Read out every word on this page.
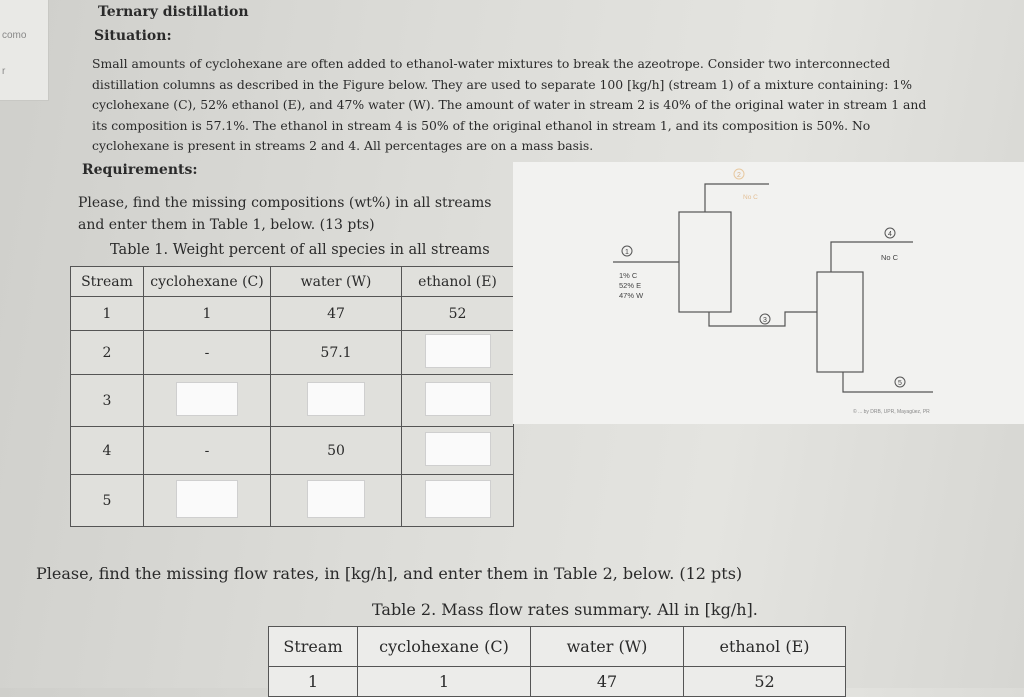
como
r
Ternary distillation
Situation:
Small amounts of cyclohexane are often added to ethanol-water mixtures to break the azeotrope. Consider two interconnected
distillation columns as described in the Figure below. They are used to separate 100 [kg/h] (stream 1) of a mixture containing: 1%
cyclohexane (C), 52% ethanol (E), and 47% water (W). The amount of water in stream 2 is 40% of the original water in stream 1 and
its composition is 57.1%. The ethanol in stream 4 is 50% of the original ethanol in stream 1, and its composition is 50%. No
cyclohexane is present in streams 2 and 4. All percentages are on a mass basis.
Requirements:
Please, find the missing compositions (wt%) in all streams
and enter them in Table 1, below. (13 pts)
Table 1. Weight percent of all species in all streams
Stream	cyclohexane (C)	water (W)	ethanol (E)
1	1	47	52
2	-	57.1	
3			
4	-	50	
5			
1
2
3
4
5
1% C
52% E
47% W
No C
No C
© ... by DRB, UPR, Mayagüez, PR
Please, find the missing flow rates, in [kg/h], and enter them in Table 2, below. (12 pts)
Table 2. Mass flow rates summary. All in [kg/h].
Stream	cyclohexane (C)	water (W)	ethanol (E)
1	1	47	52
